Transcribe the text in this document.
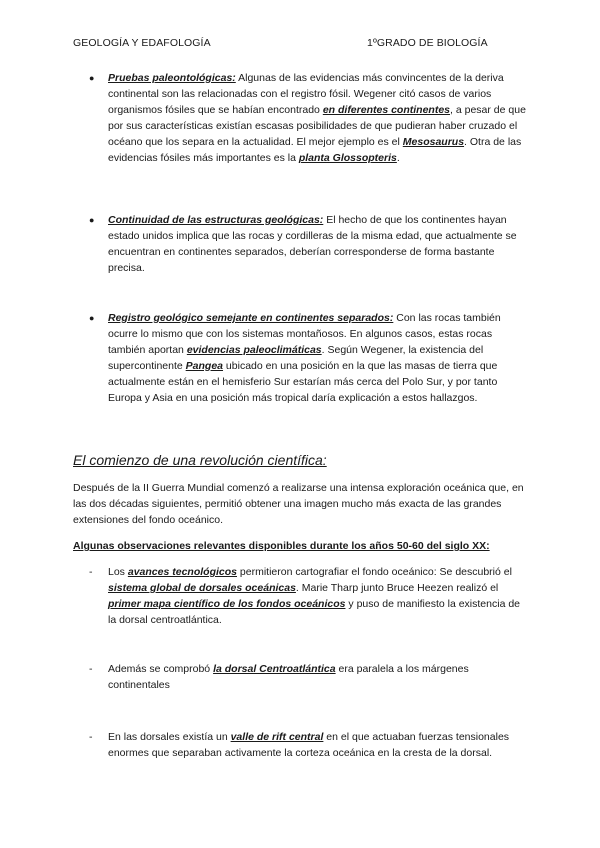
GEOLOGÍA Y EDAFOLOGÍA	1ºGRADO DE BIOLOGÍA
● Pruebas paleontológicas: Algunas de las evidencias más convincentes de la deriva continental son las relacionadas con el registro fósil. Wegener citó casos de varios organismos fósiles que se habían encontrado en diferentes continentes, a pesar de que por sus características existían escasas posibilidades de que pudieran haber cruzado el océano que los separa en la actualidad. El mejor ejemplo es el Mesosaurus. Otra de las evidencias fósiles más importantes es la planta Glossopteris.
● Continuidad de las estructuras geológicas: El hecho de que los continentes hayan estado unidos implica que las rocas y cordilleras de la misma edad, que actualmente se encuentran en continentes separados, deberían corresponderse de forma bastante precisa.
● Registro geológico semejante en continentes separados: Con las rocas también ocurre lo mismo que con los sistemas montañosos. En algunos casos, estas rocas también aportan evidencias paleoclimáticas. Según Wegener, la existencia del supercontinente Pangea ubicado en una posición en la que las masas de tierra que actualmente están en el hemisferio Sur estarían más cerca del Polo Sur, y por tanto Europa y Asia en una posición más tropical daría explicación a estos hallazgos.
El comienzo de una revolución científica:
Después de la II Guerra Mundial comenzó a realizarse una intensa exploración oceánica que, en las dos décadas siguientes, permitió obtener una imagen mucho más exacta de las grandes extensiones del fondo oceánico.
Algunas observaciones relevantes disponibles durante los años 50-60 del siglo XX:
- Los avances tecnológicos permitieron cartografiar el fondo oceánico: Se descubrió el sistema global de dorsales oceánicas. Marie Tharp junto Bruce Heezen realizó el primer mapa científico de los fondos oceánicos y puso de manifiesto la existencia de la dorsal centroatlántica.
- Además se comprobó la dorsal Centroatlántica era paralela a los márgenes continentales
- En las dorsales existía un valle de rift central en el que actuaban fuerzas tensionales enormes que separaban activamente la corteza oceánica en la cresta de la dorsal.
